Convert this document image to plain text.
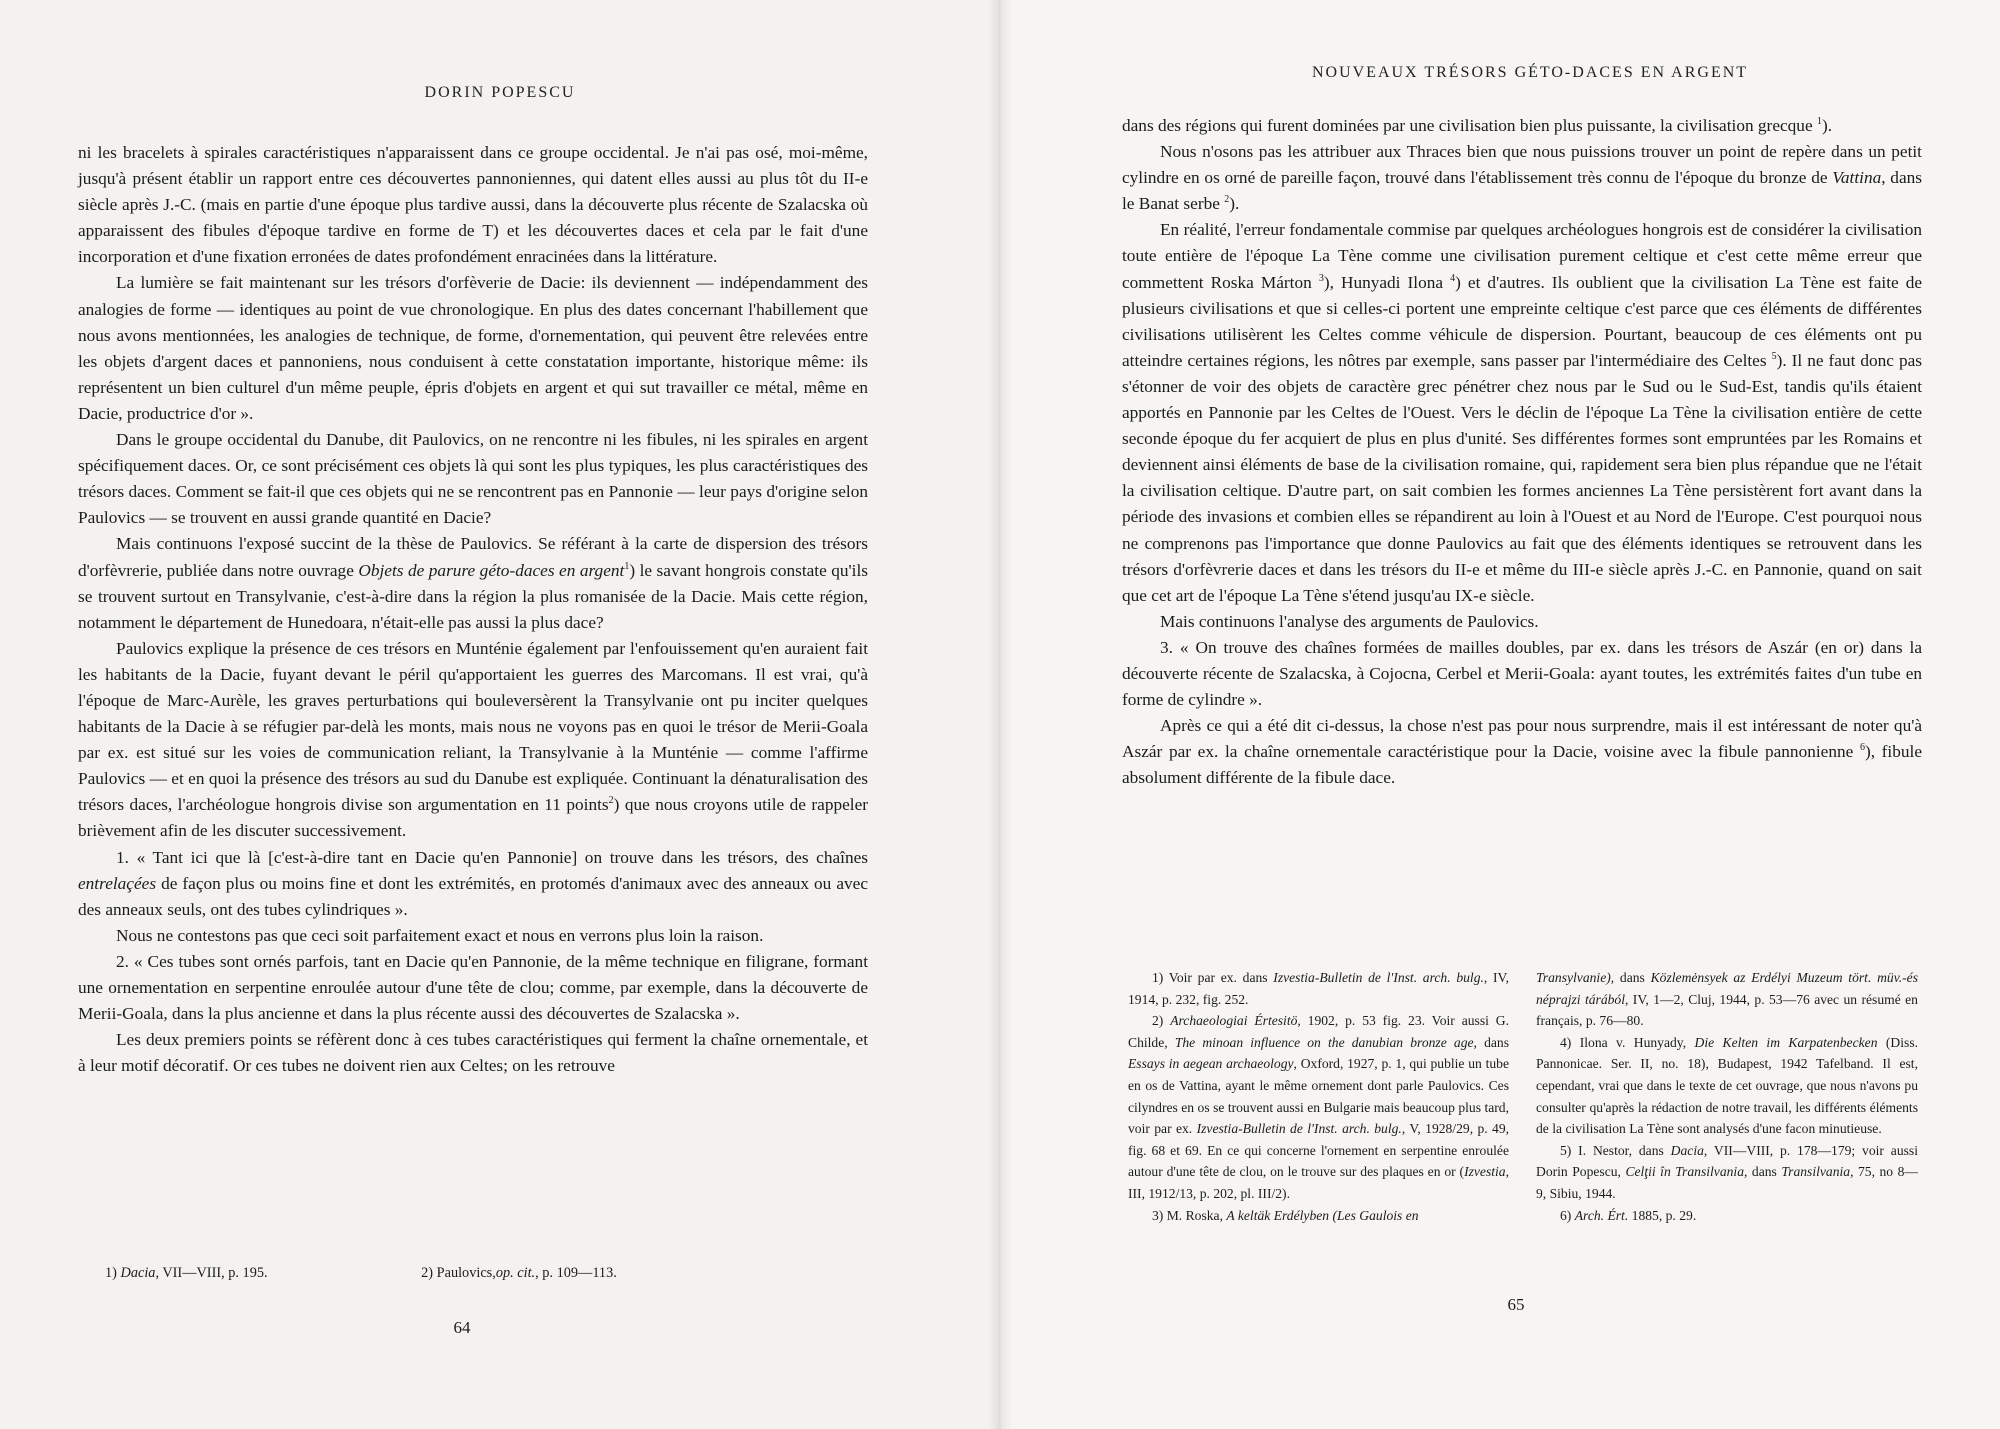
DORIN POPESCU

ni les bracelets à spirales caractéristiques n'apparaissent dans ce groupe occidental. Je n'ai pas osé, moi-même, jusqu'à présent établir un rapport entre ces découvertes pannoniennes, qui datent elles aussi au plus tôt du II-e siècle après J.-C. (mais en partie d'une époque plus tardive aussi, dans la découverte plus récente de Szalacska où apparaissent des fibules d'époque tardive en forme de T) et les découvertes daces et cela par le fait d'une incorporation et d'une fixation erronées de dates profondément enracinées dans la littérature.

La lumière se fait maintenant sur les trésors d'orfèverie de Dacie: ils deviennent — indépendamment des analogies de forme — identiques au point de vue chronologique. En plus des dates concernant l'habillement que nous avons mentionnées, les analogies de technique, de forme, d'ornementation, qui peuvent être relevées entre les objets d'argent daces et pannoniens, nous conduisent à cette constatation importante, historique même: ils représentent un bien culturel d'un même peuple, épris d'objets en argent et qui sut travailler ce métal, même en Dacie, productrice d'or ».

Dans le groupe occidental du Danube, dit Paulovics, on ne rencontre ni les fibules, ni les spirales en argent spécifiquement daces. Or, ce sont précisément ces objets là qui sont les plus typiques, les plus caractéristiques des trésors daces. Comment se fait-il que ces objets qui ne se rencontrent pas en Pannonie — leur pays d'origine selon Paulovics — se trouvent en aussi grande quantité en Dacie?

Mais continuons l'exposé succint de la thèse de Paulovics. Se référant à la carte de dispersion des trésors d'orfèvrerie, publiée dans notre ouvrage Objets de parure géto-daces en argent$^1$) le savant hongrois constate qu'ils se trouvent surtout en Transylvanie, c'est-à-dire dans la région la plus romanisée de la Dacie. Mais cette région, notamment le département de Hunedoara, n'était-elle pas aussi la plus dace?

Paulovics explique la présence de ces trésors en Munténie également par l'enfouissement qu'en auraient fait les habitants de la Dacie, fuyant devant le péril qu'apportaient les guerres des Marcomans. Il est vrai, qu'à l'époque de Marc-Aurèle, les graves perturbations qui bouleversèrent la Transylvanie ont pu inciter quelques habitants de la Dacie à se réfugier par-delà les monts, mais nous ne voyons pas en quoi le trésor de Merii-Goala par ex. est situé sur les voies de communication reliant, la Transylvanie à la Munténie — comme l'affirme Paulovics — et en quoi la présence des trésors au sud du Danube est expliquée. Continuant la dénaturalisation des trésors daces, l'archéologue hongrois divise son argumentation en 11 points$^2$) que nous croyons utile de rappeler brièvement afin de les discuter successivement.

1. « Tant ici que là [c'est-à-dire tant en Dacie qu'en Pannonie] on trouve dans les trésors, des chaînes entrelaçées de façon plus ou moins fine et dont les extrémités, en protomés d'animaux avec des anneaux ou avec des anneaux seuls, ont des tubes cylindriques ».

Nous ne contestons pas que ceci soit parfaitement exact et nous en verrons plus loin la raison.

2. « Ces tubes sont ornés parfois, tant en Dacie qu'en Pannonie, de la même technique en filigrane, formant une ornementation en serpentine enroulée autour d'une tête de clou; comme, par exemple, dans la découverte de Merii-Goala, dans la plus ancienne et dans la plus récente aussi des découvertes de Szalacska ».

Les deux premiers points se réfèrent donc à ces tubes caractéristiques qui ferment la chaîne ornementale, et à leur motif décoratif. Or ces tubes ne doivent rien aux Celtes; on les retrouve

1) Dacia, VII—VIII, p. 195.	2) Paulovics,op. cit., p. 109—113.
64
NOUVEAUX TRÉSORS GÉTO-DACES EN ARGENT

dans des régions qui furent dominées par une civilisation bien plus puissante, la civilisation grecque $^1$).

Nous n'osons pas les attribuer aux Thraces bien que nous puissions trouver un point de repère dans un petit cylindre en os orné de pareille façon, trouvé dans l'établissement très connu de l'époque du bronze de Vattina, dans le Banat serbe $^2$).

En réalité, l'erreur fondamentale commise par quelques archéologues hongrois est de considérer la civilisation toute entière de l'époque La Tène comme une civilisation purement celtique et c'est cette même erreur que commettent Roska Márton $^3$), Hunyadi Ilona $^4$) et d'autres. Ils oublient que la civilisation La Tène est faite de plusieurs civilisations et que si celles-ci portent une empreinte celtique c'est parce que ces éléments de différentes civilisations utilisèrent les Celtes comme véhicule de dispersion. Pourtant, beaucoup de ces éléments ont pu atteindre certaines régions, les nôtres par exemple, sans passer par l'intermédiaire des Celtes $^5$). Il ne faut donc pas s'étonner de voir des objets de caractère grec pénétrer chez nous par le Sud ou le Sud-Est, tandis qu'ils étaient apportés en Pannonie par les Celtes de l'Ouest. Vers le déclin de l'époque La Tène la civilisation entière de cette seconde époque du fer acquiert de plus en plus d'unité. Ses différentes formes sont empruntées par les Romains et deviennent ainsi éléments de base de la civilisation romaine, qui, rapidement sera bien plus répandue que ne l'était la civilisation celtique. D'autre part, on sait combien les formes anciennes La Tène persistèrent fort avant dans la période des invasions et combien elles se répandirent au loin à l'Ouest et au Nord de l'Europe. C'est pourquoi nous ne comprenons pas l'importance que donne Paulovics au fait que des éléments identiques se retrouvent dans les trésors d'orfèvrerie daces et dans les trésors du II-e et même du III-e siècle après J.-C. en Pannonie, quand on sait que cet art de l'époque La Tène s'étend jusqu'au IX-e siècle.

Mais continuons l'analyse des arguments de Paulovics.

3. « On trouve des chaînes formées de mailles doubles, par ex. dans les trésors de Aszár (en or) dans la découverte récente de Szalacska, à Cojocna, Cerbel et Merii-Goala: ayant toutes, les extrémités faites d'un tube en forme de cylindre ».

Après ce qui a été dit ci-dessus, la chose n'est pas pour nous surprendre, mais il est intéressant de noter qu'à Aszár par ex. la chaîne ornementale caractéristique pour la Dacie, voisine avec la fibule pannonienne $^6$), fibule absolument différente de la fibule dace.

1) Voir par ex. dans Izvestia-Bulletin de l'Inst. arch. bulg., IV, 1914, p. 232, fig. 252.

2) Archaeologiai Értesitö, 1902, p. 53 fig. 23. Voir aussi G. Childe, The minoan influence on the danubian bronze age, dans Essays in aegean archaeology, Oxford, 1927, p. 1, qui publie un tube en os de Vattina, ayant le même ornement dont parle Paulovics. Ces cilyndres en os se trouvent aussi en Bulgarie mais beaucoup plus tard, voir par ex. Izvestia-Bulletin de l'Inst. arch. bulg., V, 1928/29, p. 49, fig. 68 et 69. En ce qui concerne l'ornement en serpentine enroulée autour d'une tête de clou, on le trouve sur des plaques en or (Izvestia, III, 1912/13, p. 202, pl. III/2).

3) M. Roska, A keltäk Erdélyben (Les Gaulois en

Transylvanie), dans Közlemėnsyek az Erdélyi Muzeum tört. müv.-és néprajzi tárából, IV, 1—2, Cluj, 1944, p. 53—76 avec un résumé en français, p. 76—80.

4) Ilona v. Hunyady, Die Kelten im Karpatenbecken (Diss. Pannonicae. Ser. II, no. 18), Budapest, 1942 Tafelband. Il est, cependant, vrai que dans le texte de cet ouvrage, que nous n'avons pu consulter qu'après la rédaction de notre travail, les différents éléments de la civilisation La Tène sont analysés d'une facon minutieuse.

5) I. Nestor, dans Dacia, VII—VIII, p. 178—179; voir aussi Dorin Popescu, Celţii în Transilvania, dans Transilvania, 75, no 8—9, Sibiu, 1944.

6) Arch. Ért. 1885, p. 29.

65
